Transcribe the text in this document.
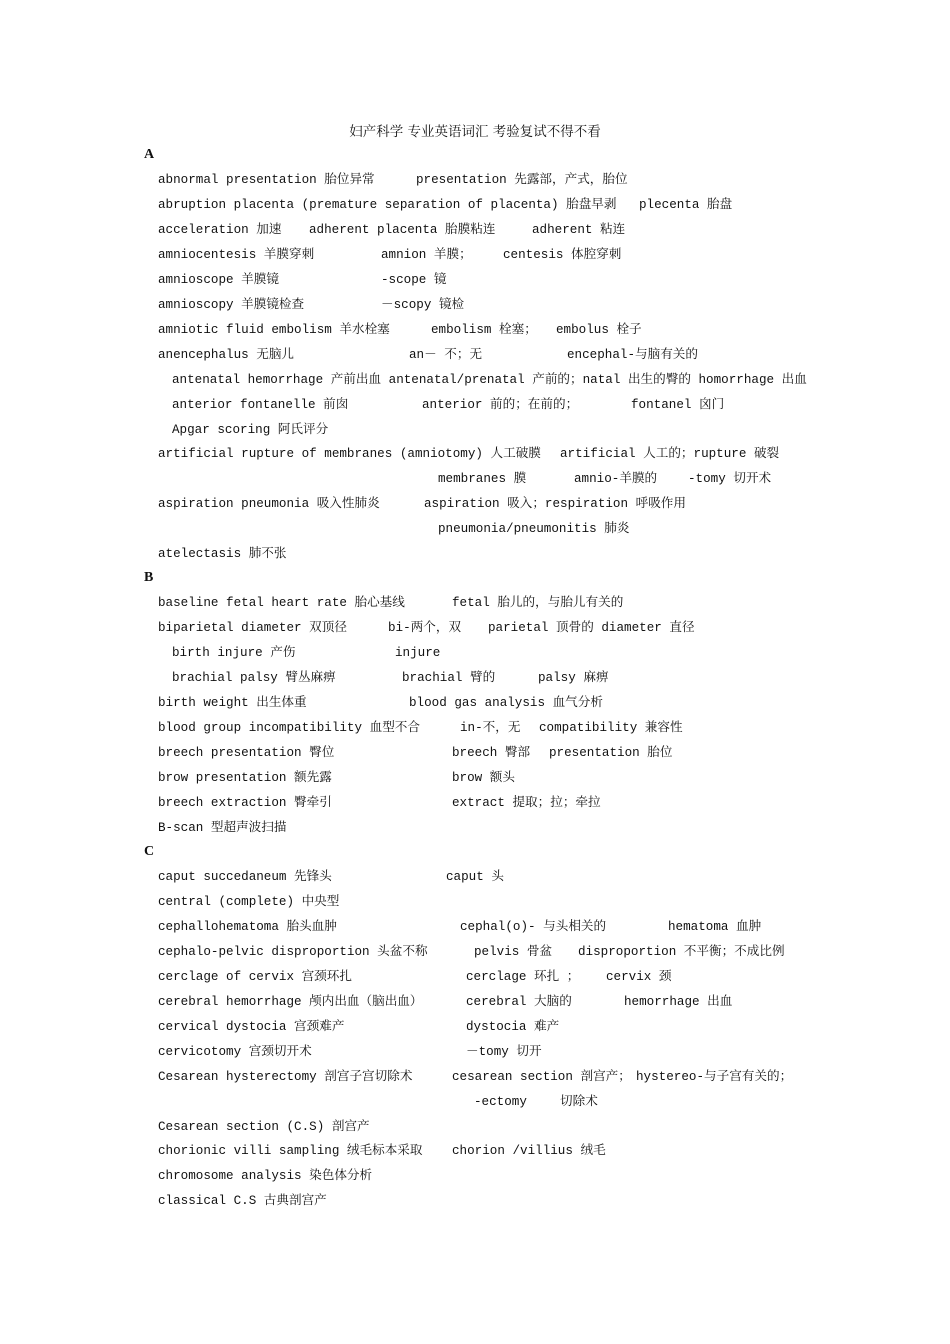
妇产科学 专业英语词汇 考验复试不得不看
A
abnormal presentation 胎位异常	presentation 先露部，产式，胎位
abruption placenta (premature separation of placenta) 胎盘早剥 plecenta 胎盘
acceleration 加速 adherent placenta 胎膜粘连	adherent 粘连
amniocentesis 羊膜穿刺	amnion 羊膜； centesis 体腔穿刺
amnioscope 羊膜镜	-scope 镜
amnioscopy 羊膜镜检查	－scopy 镜检
amniotic fluid embolism 羊水栓塞	embolism 栓塞； embolus 栓子
anencephalus 无脑儿	an－ 不；无	encephal-与脑有关的
antenatal hemorrhage 产前出血 antenatal/prenatal 产前的；natal 出生的臀的 homorrhage 出血
anterior fontanelle 前囱	anterior 前的；在前的；	fontanel 囟门
Apgar scoring 阿氏评分
artificial rupture of membranes (amniotomy) 人工破膜 artificial 人工的；rupture 破裂
membranes 膜	amnio-羊膜的 -tomy 切开术
aspiration pneumonia 吸入性肺炎	aspiration 吸入；respiration 呼吸作用
pneumonia/pneumonitis 肺炎
atelectasis 肺不张
B
baseline fetal heart rate 胎心基线	fetal 胎儿的，与胎儿有关的
biparietal diameter 双顶径	bi-两个，双 parietal 顶骨的 diameter 直径
birth injure 产伤	injure
brachial palsy 臂丛麻痹	brachial 臂的	palsy 麻痹
birth weight 出生体重	blood gas analysis 血气分析
blood group incompatibility 血型不合	in-不，无 compatibility 兼容性
breech presentation 臀位	breech 臀部 presentation 胎位
brow presentation 额先露	brow 额头
breech extraction 臀牵引	extract 提取；拉；牵拉
B-scan 型超声波扫描
C
caput succedaneum 先锋头	caput 头
central (complete) 中央型
cephallohematoma 胎头血肿	cephal(o)- 与头相关的	hematoma 血肿
cephalo-pelvic disproportion 头盆不称	pelvis 骨盆 disproportion 不平衡；不成比例
cerclage of cervix 宫颈环扎	cerclage 环扎 ； cervix 颈
cerebral hemorrhage 颅内出血（脑出血）	cerebral 大脑的	hemorrhage 出血
cervical dystocia 宫颈难产	dystocia 难产
cervicotomy 宫颈切开术	－tomy 切开
Cesarean hysterectomy 剖宫子宫切除术	cesarean section 剖宫产； hystereo-与子宫有关的；
-ectomy	切除术
Cesarean section (C.S) 剖宫产
chorionic villi sampling 绒毛标本采取 chorion /villius 绒毛
chromosome analysis 染色体分析
classical C.S 古典剖宫产
